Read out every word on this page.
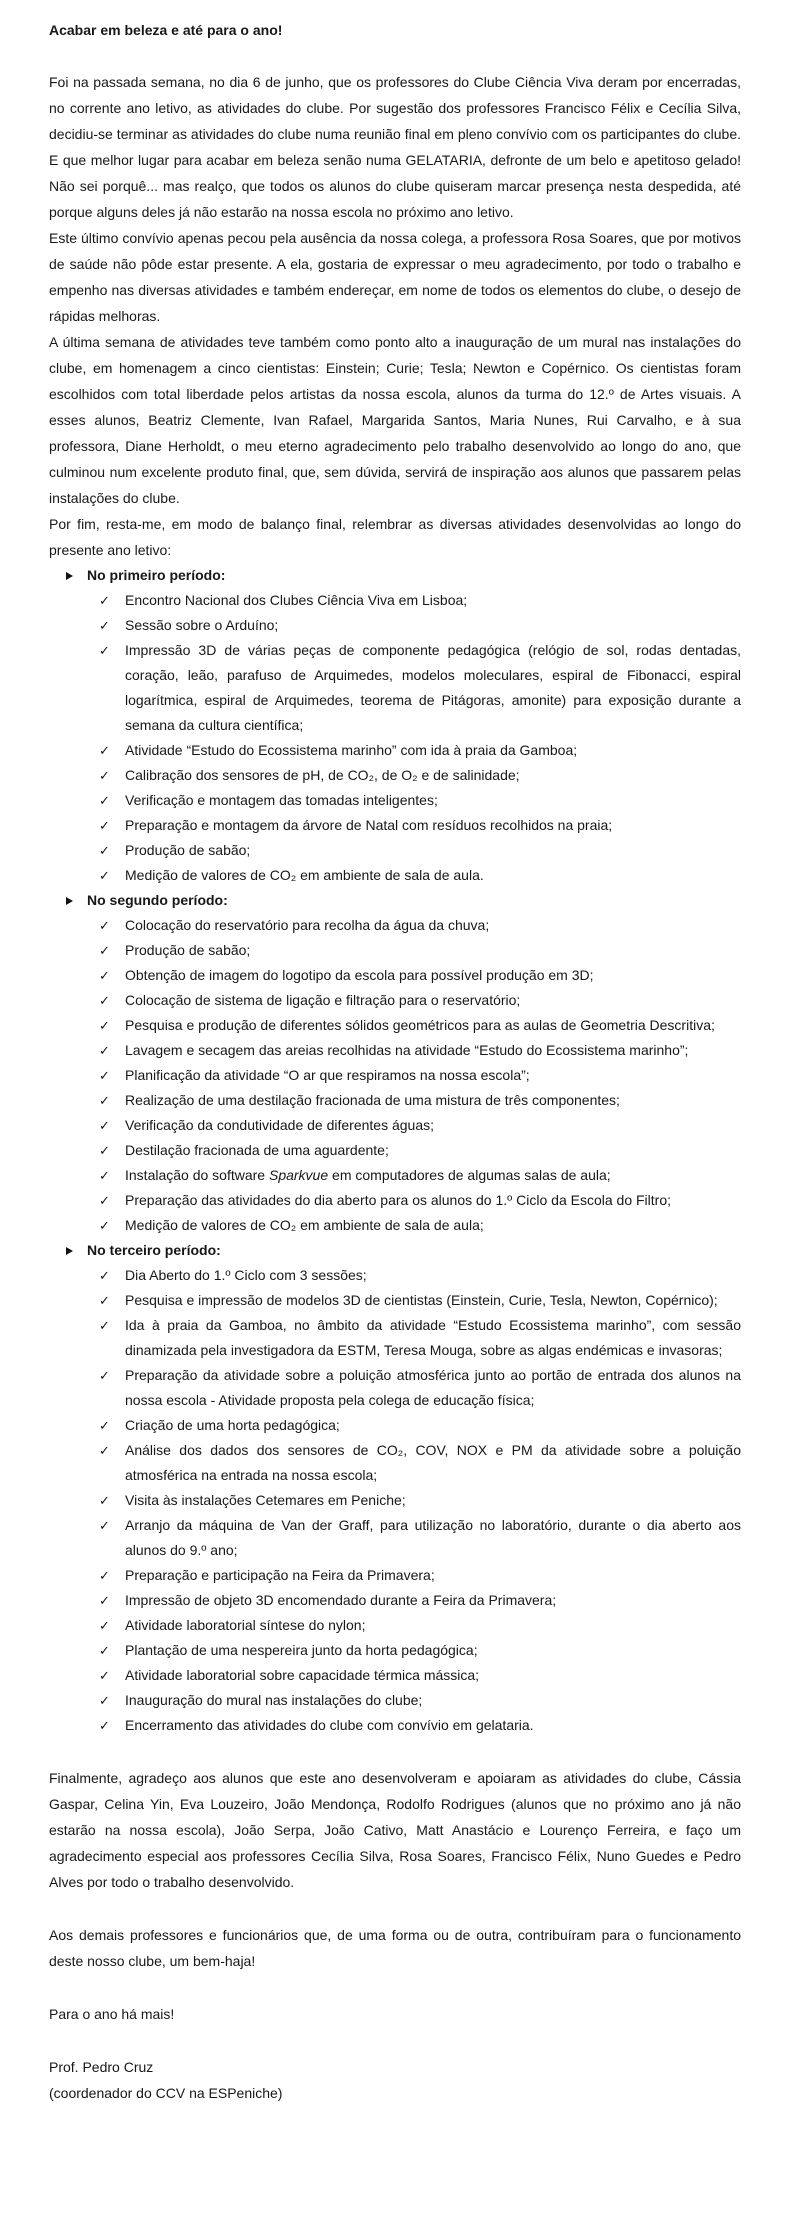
Acabar em beleza e até para o ano!

Foi na passada semana, no dia 6 de junho, que os professores do Clube Ciência Viva deram por encerradas, no corrente ano letivo, as atividades do clube. Por sugestão dos professores Francisco Félix e Cecília Silva, decidiu-se terminar as atividades do clube numa reunião final em pleno convívio com os participantes do clube. E que melhor lugar para acabar em beleza senão numa GELATARIA, defronte de um belo e apetitoso gelado! Não sei porquê... mas realço, que todos os alunos do clube quiseram marcar presença nesta despedida, até porque alguns deles já não estarão na nossa escola no próximo ano letivo.

Este último convívio apenas pecou pela ausência da nossa colega, a professora Rosa Soares, que por motivos de saúde não pôde estar presente. A ela, gostaria de expressar o meu agradecimento, por todo o trabalho e empenho nas diversas atividades e também endereçar, em nome de todos os elementos do clube, o desejo de rápidas melhoras.

A última semana de atividades teve também como ponto alto a inauguração de um mural nas instalações do clube, em homenagem a cinco cientistas: Einstein; Curie; Tesla; Newton e Copérnico. Os cientistas foram escolhidos com total liberdade pelos artistas da nossa escola, alunos da turma do 12.º de Artes visuais. A esses alunos, Beatriz Clemente, Ivan Rafael, Margarida Santos, Maria Nunes, Rui Carvalho, e à sua professora, Diane Herholdt, o meu eterno agradecimento pelo trabalho desenvolvido ao longo do ano, que culminou num excelente produto final, que, sem dúvida, servirá de inspiração aos alunos que passarem pelas instalações do clube.

Por fim, resta-me, em modo de balanço final, relembrar as diversas atividades desenvolvidas ao longo do presente ano letivo:

No primeiro período:
✓	Encontro Nacional dos Clubes Ciência Viva em Lisboa;
✓	Sessão sobre o Arduíno;
✓	Impressão 3D de várias peças de componente pedagógica (relógio de sol, rodas dentadas, coração, leão, parafuso de Arquimedes, modelos moleculares, espiral de Fibonacci, espiral logarítmica, espiral de Arquimedes, teorema de Pitágoras, amonite) para exposição durante a semana da cultura científica;
✓	Atividade “Estudo do Ecossistema marinho” com ida à praia da Gamboa;
✓	Calibração dos sensores de pH, de CO₂, de O₂ e de salinidade;
✓	Verificação e montagem das tomadas inteligentes;
✓	Preparação e montagem da árvore de Natal com resíduos recolhidos na praia;
✓	Produção de sabão;
✓	Medição de valores de CO₂ em ambiente de sala de aula.
No segundo período:
✓	Colocação do reservatório para recolha da água da chuva;
✓	Produção de sabão;
✓	Obtenção de imagem do logotipo da escola para possível produção em 3D;
✓	Colocação de sistema de ligação e filtração para o reservatório;
✓	Pesquisa e produção de diferentes sólidos geométricos para as aulas de Geometria Descritiva;
✓	Lavagem e secagem das areias recolhidas na atividade “Estudo do Ecossistema marinho”;
✓	Planificação da atividade “O ar que respiramos na nossa escola”;
✓	Realização de uma destilação fracionada de uma mistura de três componentes;
✓	Verificação da condutividade de diferentes águas;
✓	Destilação fracionada de uma aguardente;
✓	Instalação do software Sparkvue em computadores de algumas salas de aula;
✓	Preparação das atividades do dia aberto para os alunos do 1.º Ciclo da Escola do Filtro;
✓	Medição de valores de CO₂ em ambiente de sala de aula;
No terceiro período:
✓	Dia Aberto do 1.º Ciclo com 3 sessões;
✓	Pesquisa e impressão de modelos 3D de cientistas (Einstein, Curie, Tesla, Newton, Copérnico);
✓	Ida à praia da Gamboa, no âmbito da atividade “Estudo Ecossistema marinho”, com sessão dinamizada pela investigadora da ESTM, Teresa Mouga, sobre as algas endémicas e invasoras;
✓	Preparação da atividade sobre a poluição atmosférica junto ao portão de entrada dos alunos na nossa escola - Atividade proposta pela colega de educação física;
✓	Criação de uma horta pedagógica;
✓	Análise dos dados dos sensores de CO₂, COV, NOX e PM da atividade sobre a poluição atmosférica na entrada na nossa escola;
✓	Visita às instalações Cetemares em Peniche;
✓	Arranjo da máquina de Van der Graff, para utilização no laboratório, durante o dia aberto aos alunos do 9.º ano;
✓	Preparação e participação na Feira da Primavera;
✓	Impressão de objeto 3D encomendado durante a Feira da Primavera;
✓	Atividade laboratorial síntese do nylon;
✓	Plantação de uma nespereira junto da horta pedagógica;
✓	Atividade laboratorial sobre capacidade térmica mássica;
✓	Inauguração do mural nas instalações do clube;
✓	Encerramento das atividades do clube com convívio em gelataria.

Finalmente, agradeço aos alunos que este ano desenvolveram e apoiaram as atividades do clube, Cássia Gaspar, Celina Yin, Eva Louzeiro, João Mendonça, Rodolfo Rodrigues (alunos que no próximo ano já não estarão na nossa escola), João Serpa, João Cativo, Matt Anastácio e Lourenço Ferreira, e faço um agradecimento especial aos professores Cecília Silva, Rosa Soares, Francisco Félix, Nuno Guedes e Pedro Alves por todo o trabalho desenvolvido.

Aos demais professores e funcionários que, de uma forma ou de outra, contribuíram para o funcionamento deste nosso clube, um bem-haja!

Para o ano há mais!

Prof. Pedro Cruz

(coordenador do CCV na ESPeniche)
